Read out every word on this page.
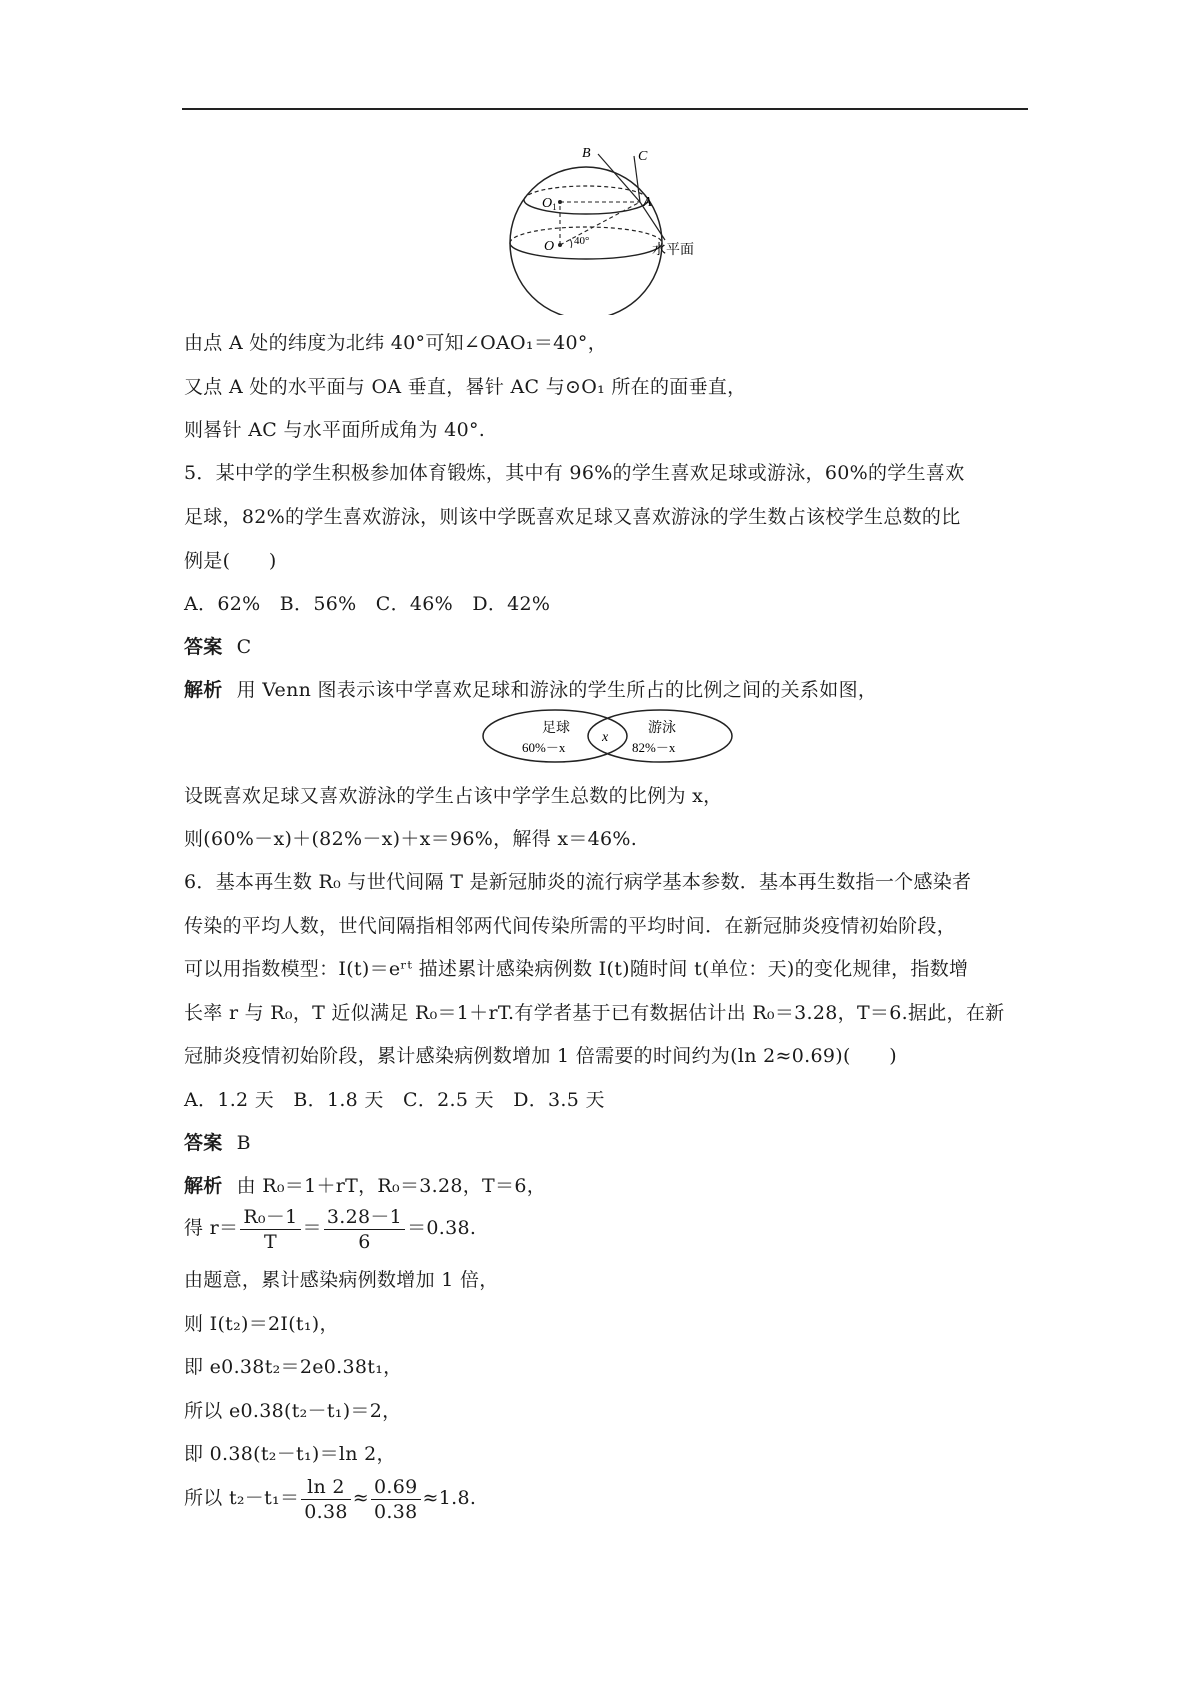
B	C
A
$O_1$
O 40°
水平面
由点 A 处的纬度为北纬 40°可知∠OAO₁＝40°，
又点 A 处的水平面与 OA 垂直，晷针 AC 与⊙O₁ 所在的面垂直，
则晷针 AC 与水平面所成角为 40°.
5．某中学的学生积极参加体育锻炼，其中有 96%的学生喜欢足球或游泳，60%的学生喜欢
足球，82%的学生喜欢游泳，则该中学既喜欢足球又喜欢游泳的学生数占该校学生总数的比
例是(　　)
A．62%　B．56%　C．46%　D．42%
答案 C
解析 用 Venn 图表示该中学喜欢足球和游泳的学生所占的比例之间的关系如图，
足球
60%－x
x
游泳
82%－x
设既喜欢足球又喜欢游泳的学生占该中学学生总数的比例为 x，
则(60%－x)＋(82%－x)＋x＝96%，解得 x＝46%.
6．基本再生数 R₀ 与世代间隔 T 是新冠肺炎的流行病学基本参数．基本再生数指一个感染者
传染的平均人数，世代间隔指相邻两代间传染所需的平均时间．在新冠肺炎疫情初始阶段，
可以用指数模型：I(t)＝eʳᵗ 描述累计感染病例数 I(t)随时间 t(单位：天)的变化规律，指数增
长率 r 与 R₀，T 近似满足 R₀＝1＋rT.有学者基于已有数据估计出 R₀＝3.28，T＝6.据此，在新
冠肺炎疫情初始阶段，累计感染病例数增加 1 倍需要的时间约为(ln 2≈0.69)(　　)
A．1.2 天　B．1.8 天　C．2.5 天　D．3.5 天
答案 B
解析 由 R₀＝1＋rT，R₀＝3.28，T＝6，
得 $r= \frac{\text{R₀－1}}{T} = \frac{3.28-1}{6} =0.38$.
由题意，累计感染病例数增加 1 倍，
则 I(t₂)＝2I(t₁)，
即 e0.38t₂＝2e0.38t₁，
所以 e0.38(t₂－t₁)＝2，
即 0.38(t₂－t₁)＝ln 2，
所以 $t_2-t_1= \frac{\ln 2}{0.38} \approx \frac{0.69}{0.38} \approx 1.8$.
